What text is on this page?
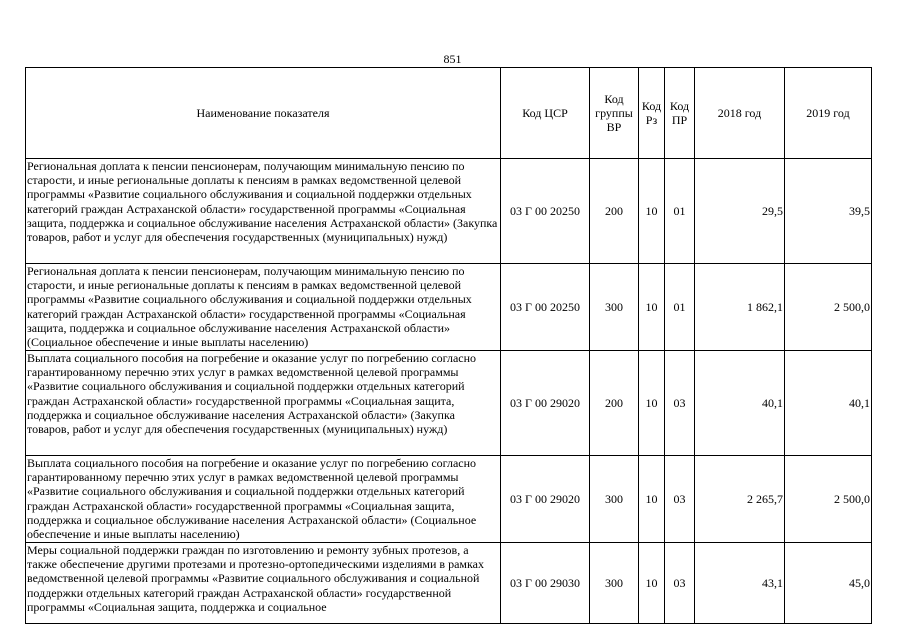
851
Наименование показателя	Код ЦСР	Код группы ВР	Код Рз	Код ПР	2018 год	2019 год
Региональная доплата к пенсии пенсионерам, получающим минимальную пенсию по старости, и иные региональные доплаты к пенсиям в рамках ведомственной целевой программы «Развитие социального обслуживания и социальной поддержки отдельных категорий граждан Астраханской области» государственной программы «Социальная защита, поддержка и социальное обслуживание населения Астраханской области» (Закупка товаров, работ и услуг для обеспечения государственных (муниципальных) нужд)	03 Г 00 20250	200	10	01	29,5	39,5
Региональная доплата к пенсии пенсионерам, получающим минимальную пенсию по старости, и иные региональные доплаты к пенсиям в рамках ведомственной целевой программы «Развитие социального обслуживания и социальной поддержки отдельных категорий граждан Астраханской области» государственной программы «Социальная защита, поддержка и социальное обслуживание населения Астраханской области» (Социальное обеспечение и иные выплаты населению)	03 Г 00 20250	300	10	01	1 862,1	2 500,0
Выплата социального пособия на погребение и оказание услуг по погребению согласно гарантированному перечню этих услуг в рамках ведомственной целевой программы «Развитие социального обслуживания и социальной поддержки отдельных категорий граждан Астраханской области» государственной программы «Социальная защита, поддержка и социальное обслуживание населения Астраханской области» (Закупка товаров, работ и услуг для обеспечения государственных (муниципальных) нужд)	03 Г 00 29020	200	10	03	40,1	40,1
Выплата социального пособия на погребение и оказание услуг по погребению согласно гарантированному перечню этих услуг в рамках ведомственной целевой программы «Развитие социального обслуживания и социальной поддержки отдельных категорий граждан Астраханской области» государственной программы «Социальная защита, поддержка и социальное обслуживание населения Астраханской области» (Социальное обеспечение и иные выплаты населению)	03 Г 00 29020	300	10	03	2 265,7	2 500,0
Меры социальной поддержки граждан по изготовлению и ремонту зубных протезов, а также обеспечение другими протезами и протезно-ортопедическими изделиями в рамках ведомственной целевой программы «Развитие социального обслуживания и социальной поддержки отдельных категорий граждан Астраханской области» государственной программы «Социальная защита, поддержка и социальное	03 Г 00 29030	300	10	03	43,1	45,0
